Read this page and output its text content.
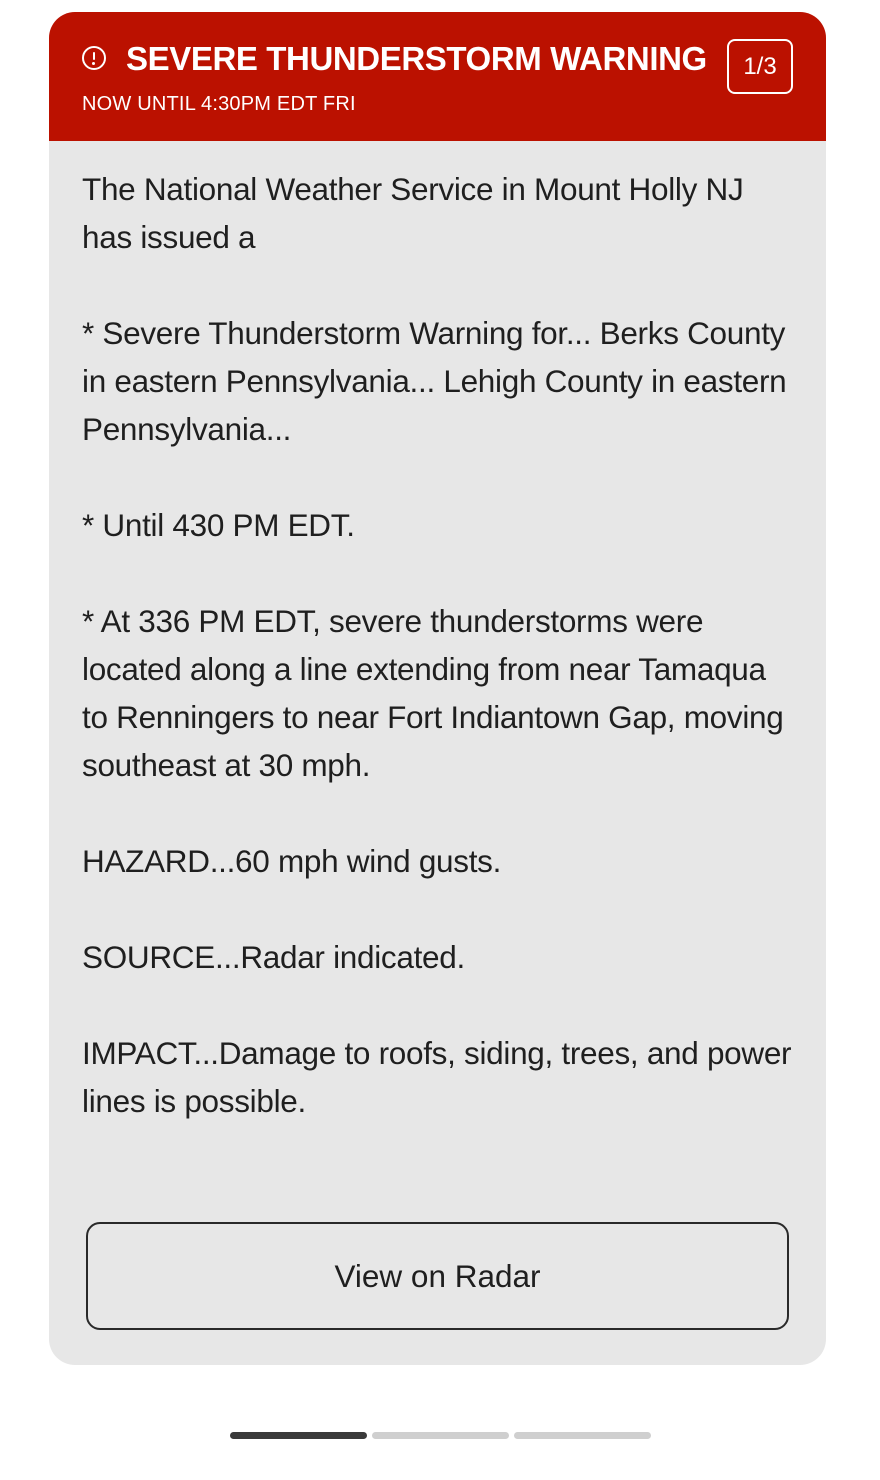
SEVERE THUNDERSTORM WARNING
NOW UNTIL 4:30PM EDT FRI
1/3

The National Weather Service in Mount Holly NJ has issued a

* Severe Thunderstorm Warning for... Berks County in eastern Pennsylvania... Lehigh County in eastern Pennsylvania...

* Until 430 PM EDT.

* At 336 PM EDT, severe thunderstorms were located along a line extending from near Tamaqua to Renningers to near Fort Indiantown Gap, moving southeast at 30 mph.

HAZARD...60 mph wind gusts.

SOURCE...Radar indicated.

IMPACT...Damage to roofs, siding, trees, and power lines is possible.

View on Radar
